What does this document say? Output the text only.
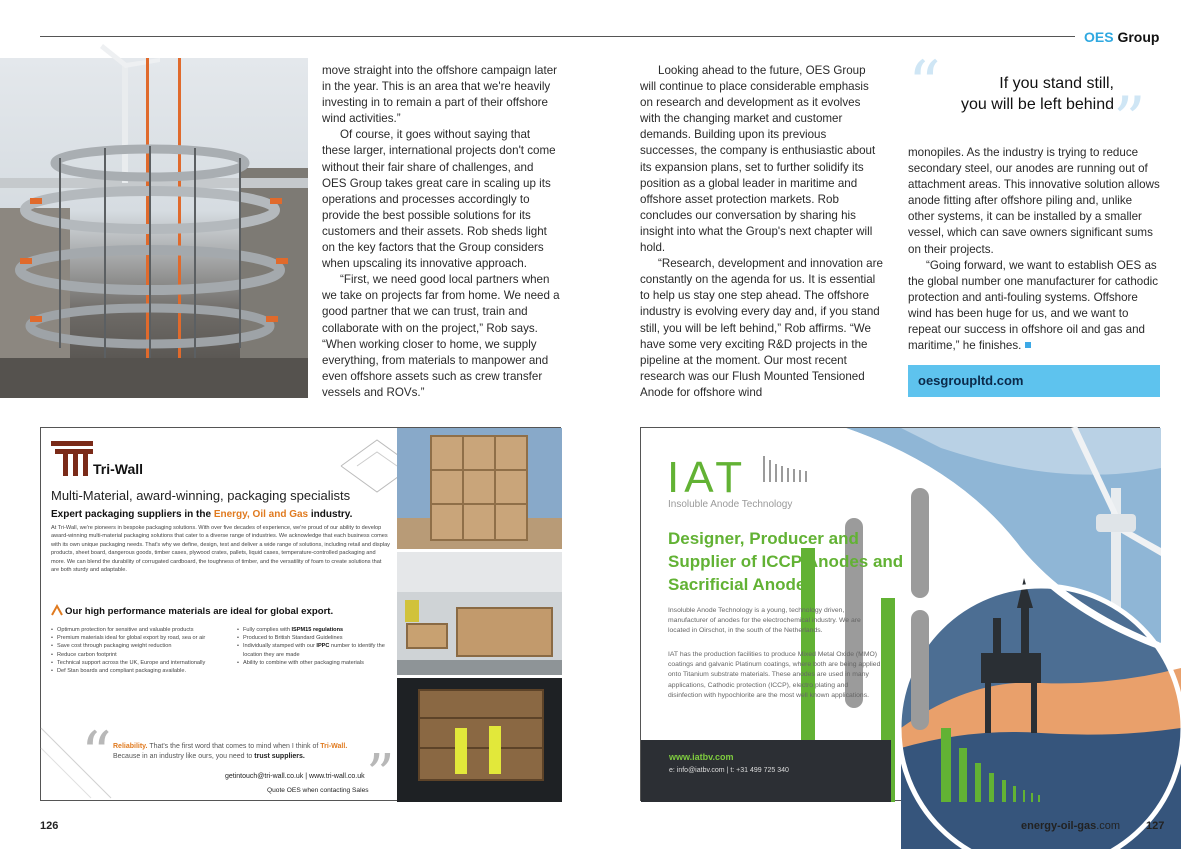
OES Group

move straight into the offshore campaign later in the year. This is an area that we're heavily investing in to remain a part of their offshore wind activities.”

Of course, it goes without saying that these larger, international projects don't come without their fair share of challenges, and OES Group takes great care in scaling up its operations and processes accordingly to provide the best possible solutions for its customers and their assets. Rob sheds light on the key factors that the Group considers when upscaling its innovative approach.

“First, we need good local partners when we take on projects far from home. We need a good partner that we can trust, train and collaborate with on the project,” Rob says. “When working closer to home, we supply everything, from materials to manpower and even offshore assets such as crew transfer vessels and ROVs.”

Looking ahead to the future, OES Group will continue to place considerable emphasis on research and development as it evolves with the changing market and customer demands. Building upon its previous successes, the company is enthusiastic about its expansion plans, set to further solidify its position as a global leader in maritime and offshore asset protection markets. Rob concludes our conversation by sharing his insight into what the Group's next chapter will hold.

“Research, development and innovation are constantly on the agenda for us. It is essential to help us stay one step ahead. The offshore industry is evolving every day and, if you stand still, you will be left behind,” Rob affirms. “We have some very exciting R&D projects in the pipeline at the moment. Our most recent research was our Flush Mounted Tensioned Anode for offshore wind

“	If you stand still,
you will be left behind ”

monopiles. As the industry is trying to reduce secondary steel, our anodes are running out of attachment areas. This innovative solution allows anode fitting after offshore piling and, unlike other systems, it can be installed by a smaller vessel, which can save owners significant sums on their projects.

“Going forward, we want to establish OES as the global number one manufacturer for cathodic protection and anti-fouling systems. Offshore wind has been huge for us, and we want to repeat our success in offshore oil and gas and maritime,” he finishes.

oesgroupltd.com
Tri-Wall
Multi-Material, award-winning, packaging specialists
Expert packaging suppliers in the Energy, Oil and Gas industry.
At Tri-Wall, we're pioneers in bespoke packaging solutions. With over five decades of experience, we're proud of our ability to develop award-winning multi-material packaging solutions that cater to a diverse range of industries. We acknowledge that each business comes with its own unique packaging needs. That's why we define, design, test and deliver a wide range of solutions, including retail and display products, sheet board, dangerous goods, timber cases, plywood crates, pallets, liquid cases, temperature-controlled packaging and more. We can blend the durability of corrugated cardboard, the toughness of timber, and the versatility of foam to create solutions that are both sturdy and adaptable.
Our high performance materials are ideal for global export.
• Optimum protection for sensitive and valuable products
• Premium materials ideal for global export by road, sea or air
• Save cost through packaging weight reduction
• Reduce carbon footprint
• Technical support across the UK, Europe and internationally
• Def Stan boards and compliant packaging available.
• Fully complies with ISPM15 regulations
• Produced to British Standard Guidelines
• Individually stamped with our IPPC number to identify the location they are made
• Ability to combine with other packaging materials
“ Reliability. That's the first word that comes to mind when I think of Tri-Wall.
Because in an industry like ours, you need to trust suppliers.	”
getintouch@tri-wall.co.uk | www.tri-wall.co.uk
Quote OES when contacting Sales
IAT
Insoluble Anode Technology
Designer, Producer and Supplier of ICCP Anodes and Sacrificial Anodes
Insoluble Anode Technology is a young, technology driven, manufacturer of anodes for the electrochemical industry. We are located in Oirschot, in the south of the Netherlands.
IAT has the production facilities to produce Mixed Metal Oxide (MMO) coatings and galvanic Platinum coatings, where both are being applied onto Titanium substrate materials. These anodes are used in many applications, Cathodic protection (ICCP), electro plating and disinfection with hypochlorite are the most well known applications.
www.iatbv.com
e: info@iatbv.com | t: +31 499 725 340
126	energy-oil-gas.com 127
